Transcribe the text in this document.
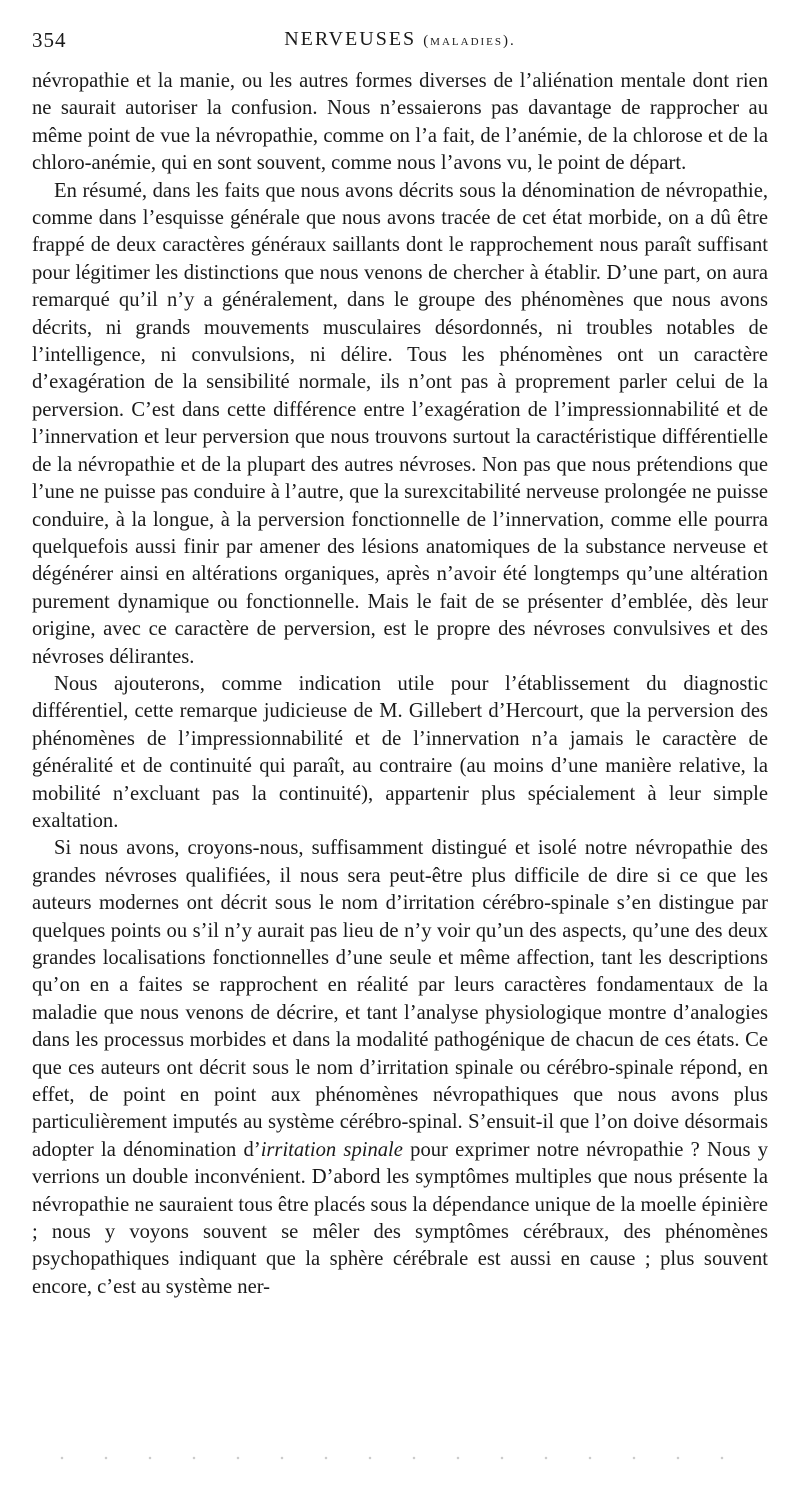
354	NERVEUSES (maladies).

névropathie et la manie, ou les autres formes diverses de l’aliénation mentale dont rien ne saurait autoriser la confusion. Nous n’essaierons pas davantage de rapprocher au même point de vue la névropathie, comme on l’a fait, de l’anémie, de la chlorose et de la chloro-anémie, qui en sont souvent, comme nous l’avons vu, le point de départ.

En résumé, dans les faits que nous avons décrits sous la dénomination de névropathie, comme dans l’esquisse générale que nous avons tracée de cet état morbide, on a dû être frappé de deux caractères généraux saillants dont le rapprochement nous paraît suffisant pour légitimer les distinctions que nous venons de chercher à établir. D’une part, on aura remarqué qu’il n’y a généralement, dans le groupe des phénomènes que nous avons décrits, ni grands mouvements musculaires désordonnés, ni troubles notables de l’intelligence, ni convulsions, ni délire. Tous les phénomènes ont un caractère d’exagération de la sensibilité normale, ils n’ont pas à proprement parler celui de la perversion. C’est dans cette différence entre l’exagération de l’impressionnabilité et de l’innervation et leur perversion que nous trouvons surtout la caractéristique différentielle de la névropathie et de la plupart des autres névroses. Non pas que nous prétendions que l’une ne puisse pas conduire à l’autre, que la surexcitabilité nerveuse prolongée ne puisse conduire, à la longue, à la perversion fonctionnelle de l’innervation, comme elle pourra quelquefois aussi finir par amener des lésions anatomiques de la substance nerveuse et dégénérer ainsi en altérations organiques, après n’avoir été longtemps qu’une altération purement dynamique ou fonctionnelle. Mais le fait de se présenter d’emblée, dès leur origine, avec ce caractère de perversion, est le propre des névroses convulsives et des névroses délirantes.

Nous ajouterons, comme indication utile pour l’établissement du diagnostic différentiel, cette remarque judicieuse de M. Gillebert d’Hercourt, que la perversion des phénomènes de l’impressionnabilité et de l’innervation n’a jamais le caractère de généralité et de continuité qui paraît, au contraire (au moins d’une manière relative, la mobilité n’excluant pas la continuité), appartenir plus spécialement à leur simple exaltation.

Si nous avons, croyons-nous, suffisamment distingué et isolé notre névropathie des grandes névroses qualifiées, il nous sera peut-être plus difficile de dire si ce que les auteurs modernes ont décrit sous le nom d’irritation cérébro-spinale s’en distingue par quelques points ou s’il n’y aurait pas lieu de n’y voir qu’un des aspects, qu’une des deux grandes localisations fonctionnelles d’une seule et même affection, tant les descriptions qu’on en a faites se rapprochent en réalité par leurs caractères fondamentaux de la maladie que nous venons de décrire, et tant l’analyse physiologique montre d’analogies dans les processus morbides et dans la modalité pathogénique de chacun de ces états. Ce que ces auteurs ont décrit sous le nom d’irritation spinale ou cérébro-spinale répond, en effet, de point en point aux phénomènes névropathiques que nous avons plus particulièrement imputés au système cérébro-spinal. S’ensuit-il que l’on doive désormais adopter la dénomination d’irritation spinale pour exprimer notre névropathie ? Nous y verrions un double inconvénient. D’abord les symptômes multiples que nous présente la névropathie ne sauraient tous être placés sous la dépendance unique de la moelle épinière ; nous y voyons souvent se mêler des symptômes cérébraux, des phénomènes psychopathiques indiquant que la sphère cérébrale est aussi en cause ; plus souvent encore, c’est au système ner-
